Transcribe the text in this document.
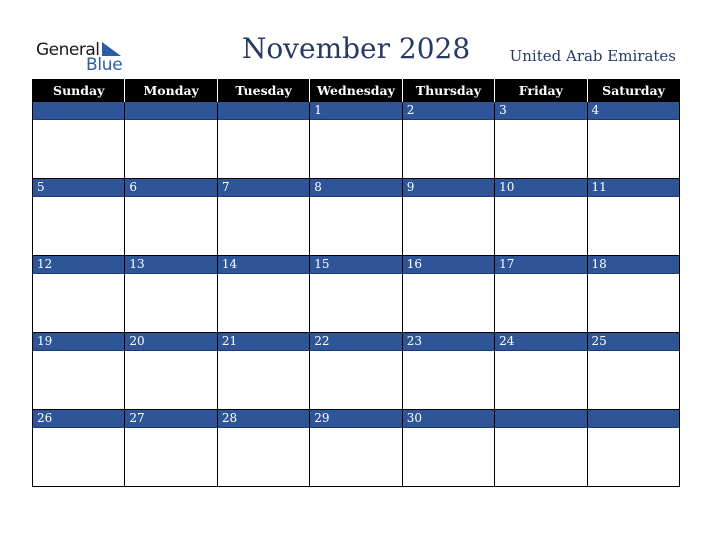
General
Blue	November 2028	United Arab Emirates
Sunday	Monday	Tuesday	Wednesday	Thursday	Friday	Saturday

			1	2	3	4

5	6	7	8	9	10	11

12	13	14	15	16	17	18

19	20	21	22	23	24	25

26	27	28	29	30		
